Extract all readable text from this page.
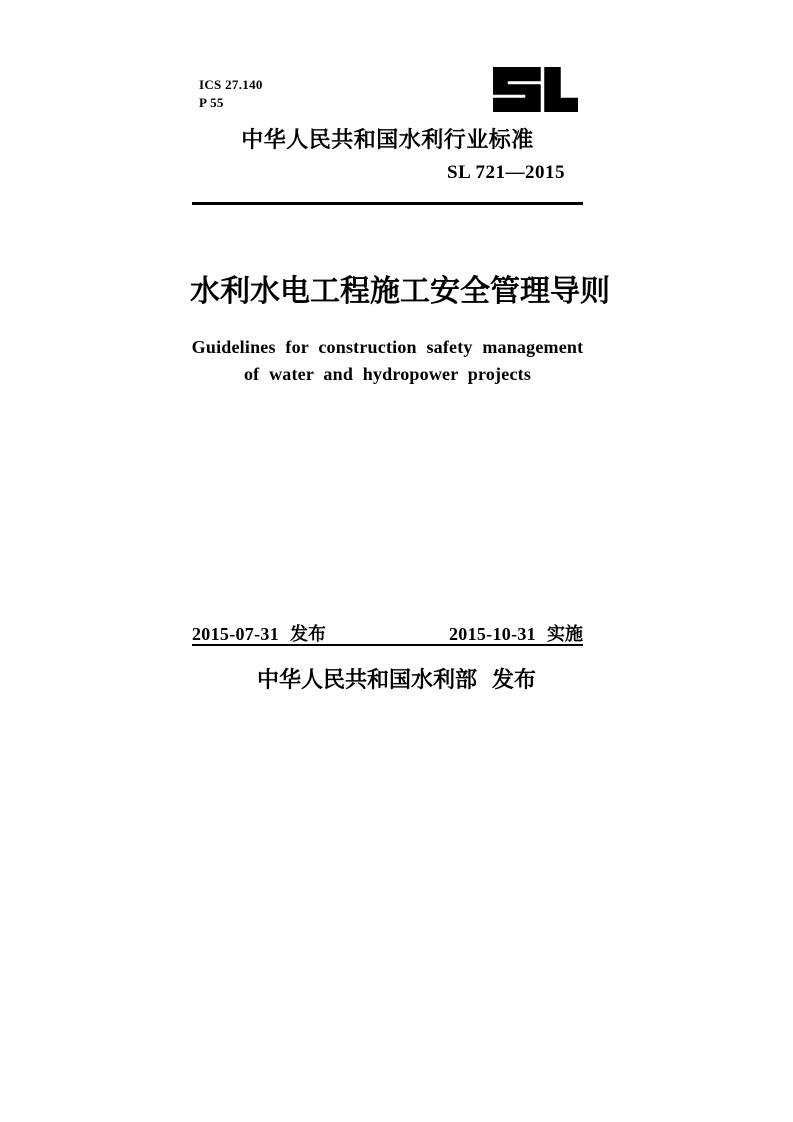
ICS 27.140
P 55
中华人民共和国水利行业标准
SL 721—2015
水利水电工程施工安全管理导则
Guidelines for construction safety management
of water and hydropower projects
2015-07-31 发布	2015-10-31 实施
中华人民共和国水利部 发布
